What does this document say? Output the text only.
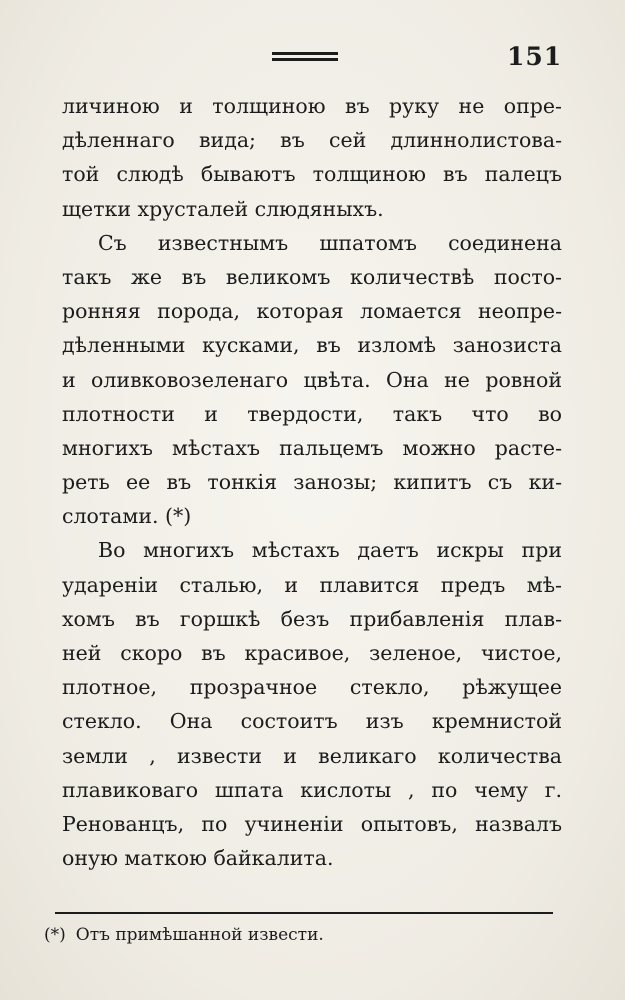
151
личиною и толщиною въ руку не опре-
дѣленнаго вида; въ сей длиннолистова-
той слюдѣ бываютъ толщиною въ палецъ
щетки хрусталей слюдяныхъ.
Съ известнымъ шпатомъ соединена
такъ же въ великомъ количествѣ посто-
ронняя порода, которая ломается неопре-
дѣленными кусками, въ изломѣ занозиста
и оливковозеленаго цвѣта. Она не ровной
плотности и твердости, такъ что во
многихъ мѣстахъ пальцемъ можно расте-
реть ее въ тонкія занозы; кипитъ съ ки-
слотами. (*)
Во многихъ мѣстахъ даетъ искры при
ударенiи сталью, и плавится предъ мѣ-
хомъ въ горшкѣ безъ прибавленія плав-
ней скоро въ красивое, зеленое, чистое,
плотное, прозрачное стекло, рѣжущее
стекло. Она состоитъ изъ кремнистой
земли , извести и великаго количества
плавиковаго шпата кислоты , по чему г.
Ренованцъ, по учиненіи опытовъ, назвалъ
оную маткою байкалита.
(*) Отъ примѣшанной извести.
